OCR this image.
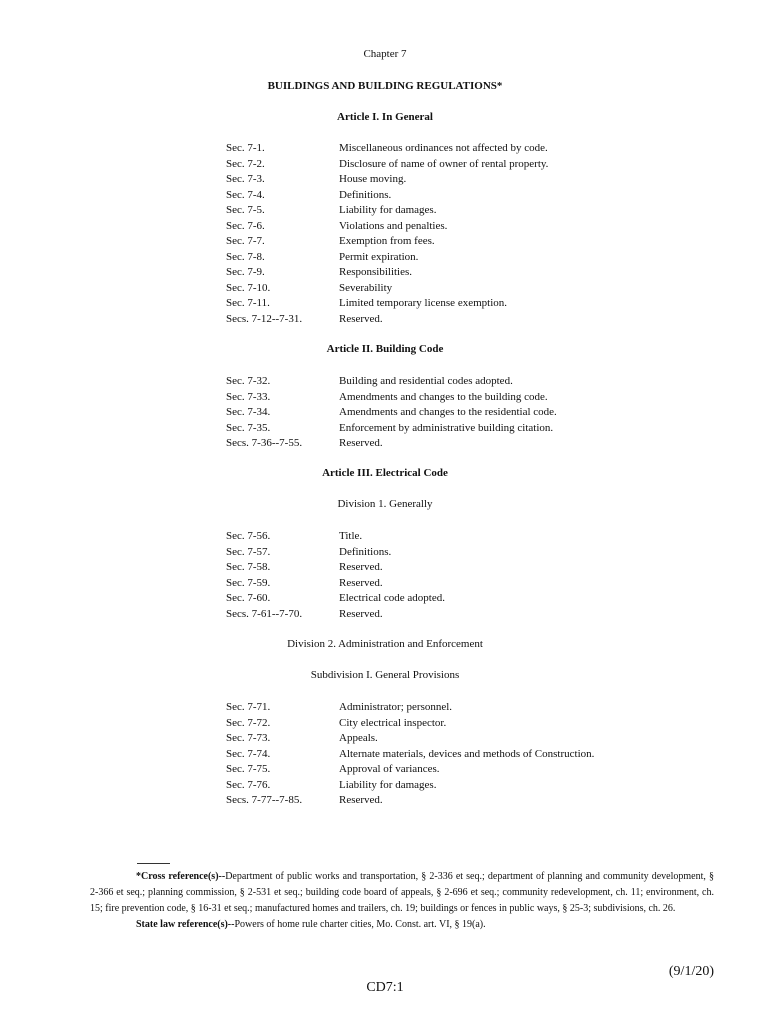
Chapter 7
BUILDINGS AND BUILDING REGULATIONS*
Article I. In General
Sec. 7-1.	Miscellaneous ordinances not affected by code.
Sec. 7-2.	Disclosure of name of owner of rental property.
Sec. 7-3.	House moving.
Sec. 7-4.	Definitions.
Sec. 7-5.	Liability for damages.
Sec. 7-6.	Violations and penalties.
Sec. 7-7.	Exemption from fees.
Sec. 7-8.	Permit expiration.
Sec. 7-9.	Responsibilities.
Sec. 7-10.	Severability
Sec. 7-11.	Limited temporary license exemption.
Secs. 7-12--7-31.	Reserved.
Article II. Building Code
Sec. 7-32.	Building and residential codes adopted.
Sec. 7-33.	Amendments and changes to the building code.
Sec. 7-34.	Amendments and changes to the residential code.
Sec. 7-35.	Enforcement by administrative building citation.
Secs. 7-36--7-55.	Reserved.
Article III. Electrical Code
Division 1. Generally
Sec. 7-56.	Title.
Sec. 7-57.	Definitions.
Sec. 7-58.	Reserved.
Sec. 7-59.	Reserved.
Sec. 7-60.	Electrical code adopted.
Secs. 7-61--7-70.	Reserved.
Division 2. Administration and Enforcement
Subdivision I. General Provisions
Sec. 7-71.	Administrator; personnel.
Sec. 7-72.	City electrical inspector.
Sec. 7-73.	Appeals.
Sec. 7-74.	Alternate materials, devices and methods of Construction.
Sec. 7-75.	Approval of variances.
Sec. 7-76.	Liability for damages.
Secs. 7-77--7-85.	Reserved.

*Cross reference(s)--Department of public works and transportation, § 2-336 et seq.; department of planning and community development, § 2-366 et seq.; planning commission, § 2-531 et seq.; building code board of appeals, § 2-696 et seq.; community redevelopment, ch. 11; environment, ch. 15; fire prevention code, § 16-31 et seq.; manufactured homes and trailers, ch. 19; buildings or fences in public ways, § 25-3; subdivisions, ch. 26.

State law reference(s)--Powers of home rule charter cities, Mo. Const. art. VI, § 19(a).

(9/1/20)
CD7:1
